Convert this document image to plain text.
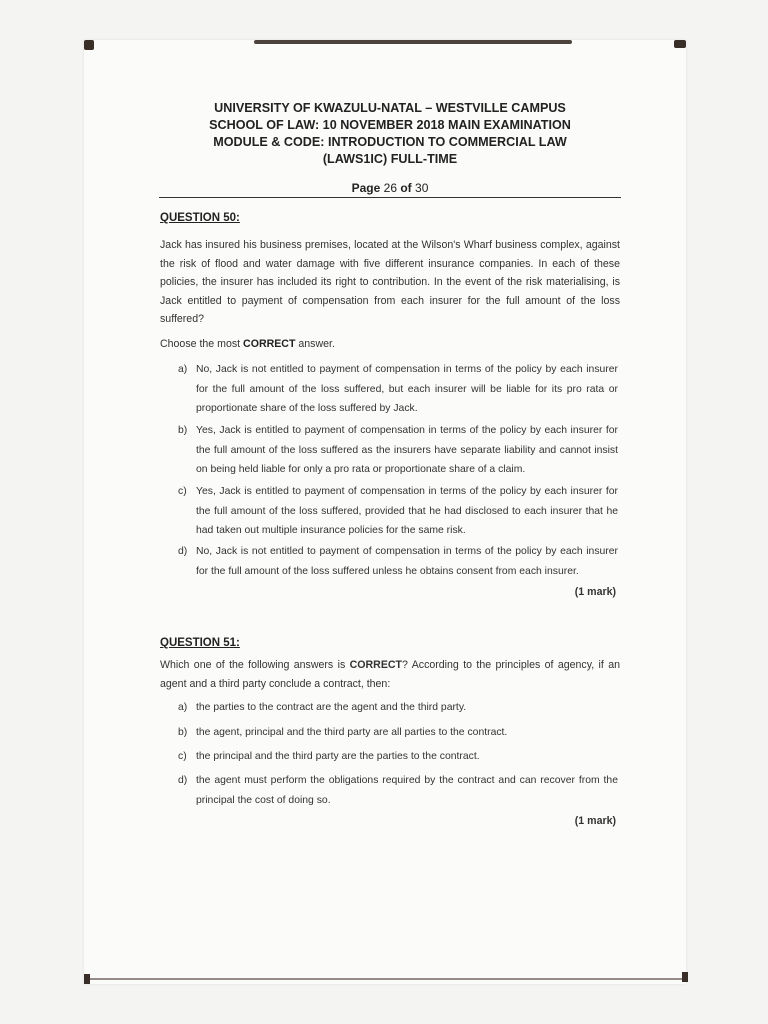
UNIVERSITY OF KWAZULU-NATAL – WESTVILLE CAMPUS
SCHOOL OF LAW: 10 NOVEMBER 2018 MAIN EXAMINATION
MODULE & CODE: INTRODUCTION TO COMMERCIAL LAW
(LAWS1IC) FULL-TIME
Page 26 of 30
QUESTION 50:
Jack has insured his business premises, located at the Wilson's Wharf business complex, against the risk of flood and water damage with five different insurance companies. In each of these policies, the insurer has included its right to contribution. In the event of the risk materialising, is Jack entitled to payment of compensation from each insurer for the full amount of the loss suffered?
Choose the most CORRECT answer.
a) No, Jack is not entitled to payment of compensation in terms of the policy by each insurer for the full amount of the loss suffered, but each insurer will be liable for its pro rata or proportionate share of the loss suffered by Jack.
b) Yes, Jack is entitled to payment of compensation in terms of the policy by each insurer for the full amount of the loss suffered as the insurers have separate liability and cannot insist on being held liable for only a pro rata or proportionate share of a claim.
c) Yes, Jack is entitled to payment of compensation in terms of the policy by each insurer for the full amount of the loss suffered, provided that he had disclosed to each insurer that he had taken out multiple insurance policies for the same risk.
d) No, Jack is not entitled to payment of compensation in terms of the policy by each insurer for the full amount of the loss suffered unless he obtains consent from each insurer.
(1 mark)
QUESTION 51:
Which one of the following answers is CORRECT? According to the principles of agency, if an agent and a third party conclude a contract, then:
a) the parties to the contract are the agent and the third party.
b) the agent, principal and the third party are all parties to the contract.
c) the principal and the third party are the parties to the contract.
d) the agent must perform the obligations required by the contract and can recover from the principal the cost of doing so.
(1 mark)
